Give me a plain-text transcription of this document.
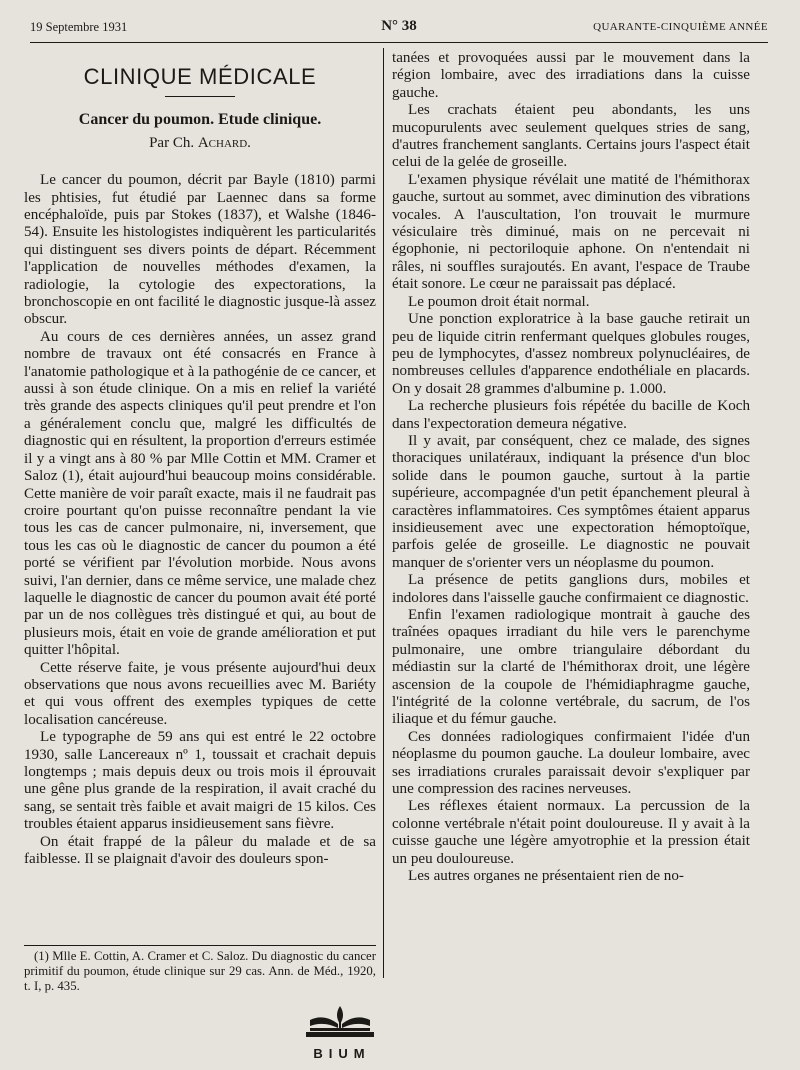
19 Septembre 1931	N° 38	QUARANTE-CINQUIÈME ANNÉE

CLINIQUE MÉDICALE

Cancer du poumon. Etude clinique.

Par Ch. Achard.

Le cancer du poumon, décrit par Bayle (1810) parmi les phtisies, fut étudié par Laennec dans sa forme encéphaloïde, puis par Stokes (1837), et Walshe (1846-54). Ensuite les histologistes indiquèrent les particularités qui distinguent ses divers points de départ. Récemment l'application de nouvelles méthodes d'examen, la radiologie, la cytologie des expectorations, la bronchoscopie en ont facilité le diagnostic jusque-là assez obscur.

Au cours de ces dernières années, un assez grand nombre de travaux ont été consacrés en France à l'anatomie pathologique et à la pathogénie de ce cancer, et aussi à son étude clinique. On a mis en relief la variété très grande des aspects cliniques qu'il peut prendre et l'on a généralement conclu que, malgré les difficultés de diagnostic qui en résultent, la proportion d'erreurs estimée il y a vingt ans à 80 % par Mlle Cottin et MM. Cramer et Saloz (1), était aujourd'hui beaucoup moins considérable. Cette manière de voir paraît exacte, mais il ne faudrait pas croire pourtant qu'on puisse reconnaître pendant la vie tous les cas de cancer pulmonaire, ni, inversement, que tous les cas où le diagnostic de cancer du poumon a été porté se vérifient par l'évolution morbide. Nous avons suivi, l'an dernier, dans ce même service, une malade chez laquelle le diagnostic de cancer du poumon avait été porté par un de nos collègues très distingué et qui, au bout de plusieurs mois, était en voie de grande amélioration et put quitter l'hôpital.

Cette réserve faite, je vous présente aujourd'hui deux observations que nous avons recueillies avec M. Bariéty et qui vous offrent des exemples typiques de cette localisation cancéreuse.

Le typographe de 59 ans qui est entré le 22 octobre 1930, salle Lancereaux nº 1, toussait et crachait depuis longtemps ; mais depuis deux ou trois mois il éprouvait une gêne plus grande de la respiration, il avait craché du sang, se sentait très faible et avait maigri de 15 kilos. Ces troubles étaient apparus insidieusement sans fièvre.

On était frappé de la pâleur du malade et de sa faiblesse. Il se plaignait d'avoir des douleurs spon-

(1) Mlle E. Cottin, A. Cramer et C. Saloz. Du diagnostic du cancer primitif du poumon, étude clinique sur 29 cas. Ann. de Méd., 1920, t. I, p. 435.

tanées et provoquées aussi par le mouvement dans la région lombaire, avec des irradiations dans la cuisse gauche.

Les crachats étaient peu abondants, les uns mucopurulents avec seulement quelques stries de sang, d'autres franchement sanglants. Certains jours l'aspect était celui de la gelée de groseille.

L'examen physique révélait une matité de l'hémithorax gauche, surtout au sommet, avec diminution des vibrations vocales. A l'auscultation, l'on trouvait le murmure vésiculaire très diminué, mais on ne percevait ni égophonie, ni pectoriloquie aphone. On n'entendait ni râles, ni souffles surajoutés. En avant, l'espace de Traube était sonore. Le cœur ne paraissait pas déplacé.

Le poumon droit était normal.

Une ponction exploratrice à la base gauche retirait un peu de liquide citrin renfermant quelques globules rouges, peu de lymphocytes, d'assez nombreux polynucléaires, de nombreuses cellules d'apparence endothéliale en placards. On y dosait 28 grammes d'albumine p. 1.000.

La recherche plusieurs fois répétée du bacille de Koch dans l'expectoration demeura négative.

Il y avait, par conséquent, chez ce malade, des signes thoraciques unilatéraux, indiquant la présence d'un bloc solide dans le poumon gauche, surtout à la partie supérieure, accompagnée d'un petit épanchement pleural à caractères inflammatoires. Ces symptômes étaient apparus insidieusement avec une expectoration hémoptoïque, parfois gelée de groseille. Le diagnostic ne pouvait manquer de s'orienter vers un néoplasme du poumon.

La présence de petits ganglions durs, mobiles et indolores dans l'aisselle gauche confirmaient ce diagnostic.

Enfin l'examen radiologique montrait à gauche des traînées opaques irradiant du hile vers le parenchyme pulmonaire, une ombre triangulaire débordant du médiastin sur la clarté de l'hémithorax droit, une légère ascension de la coupole de l'hémidiaphragme gauche, l'intégrité de la colonne vertébrale, du sacrum, de l'os iliaque et du fémur gauche.

Ces données radiologiques confirmaient l'idée d'un néoplasme du poumon gauche. La douleur lombaire, avec ses irradiations crurales paraissait devoir s'expliquer par une compression des racines nerveuses.

Les réflexes étaient normaux. La percussion de la colonne vertébrale n'était point douloureuse. Il y avait à la cuisse gauche une légère amyotrophie et la pression était un peu douloureuse.

Les autres organes ne présentaient rien de no-

BIUM
